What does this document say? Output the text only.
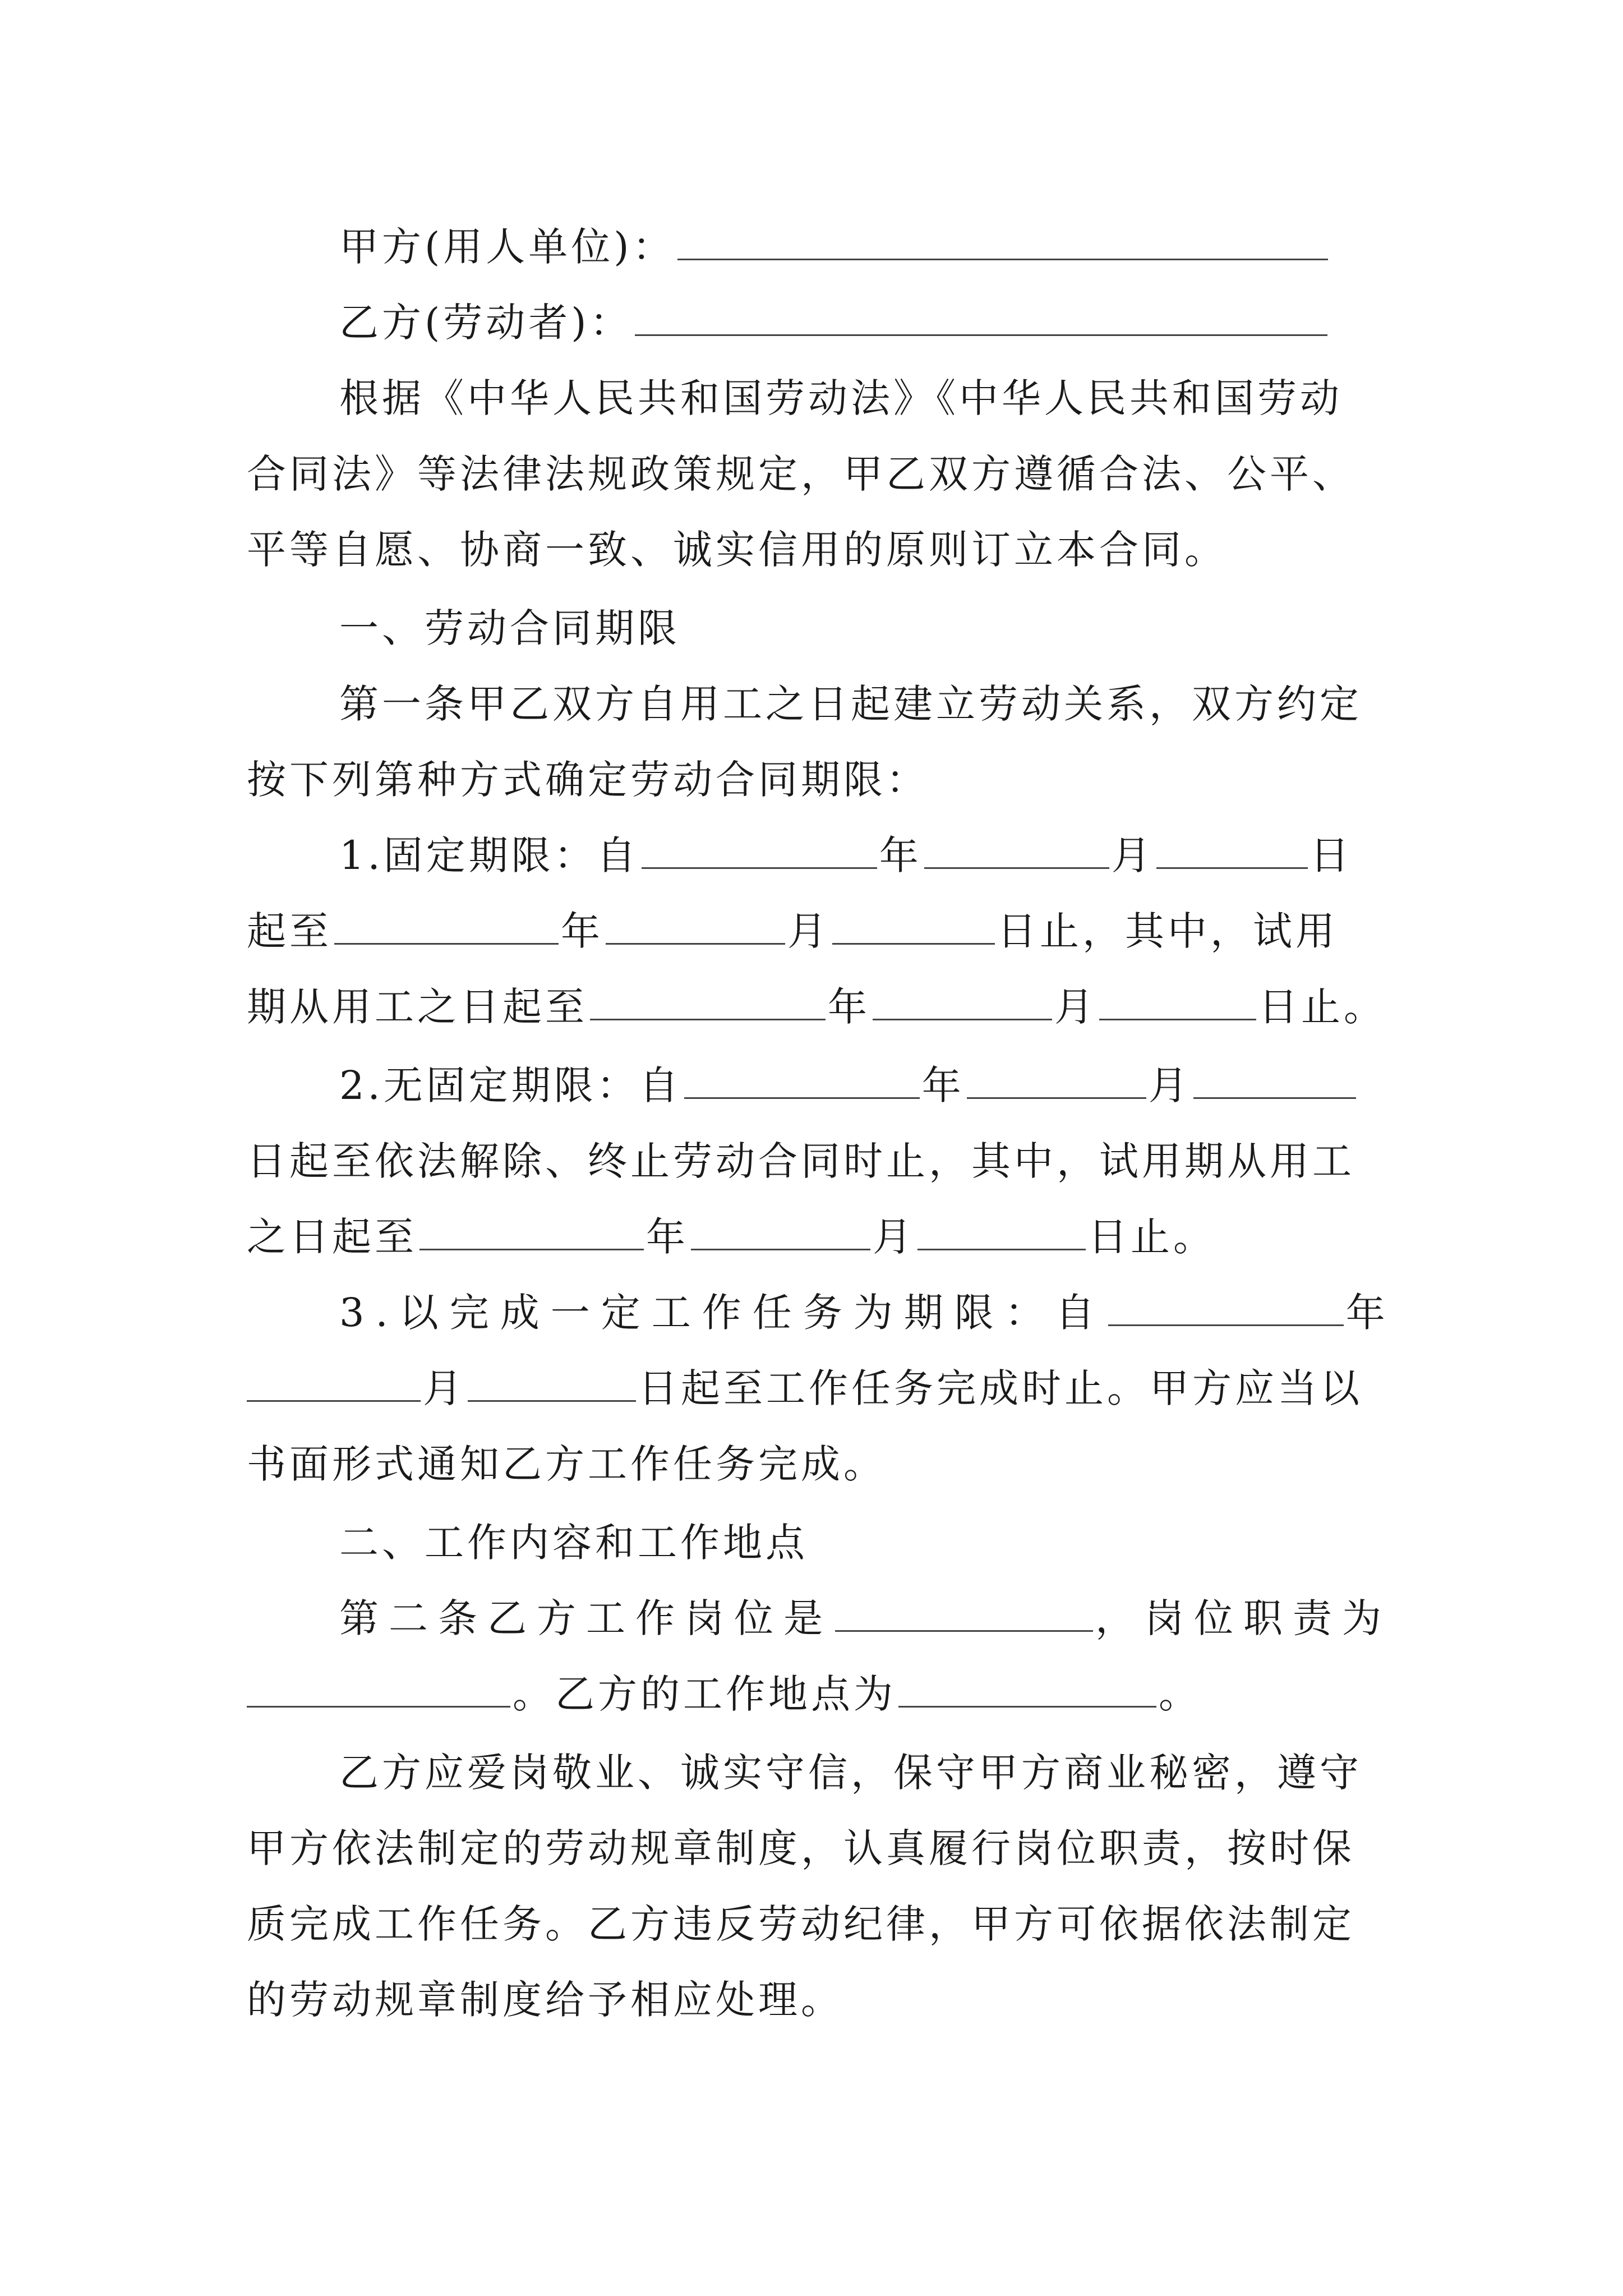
甲方(用人单位)：
乙方(劳动者)：
根据《中华人民共和国劳动法》《中华人民共和国劳动
合同法》等法律法规政策规定，甲乙双方遵循合法、公平、
平等自愿、协商一致、诚实信用的原则订立本合同。
一、劳动合同期限
第一条甲乙双方自用工之日起建立劳动关系，双方约定
按下列第种方式确定劳动合同期限：
1.固定期限：自	年	月	日
起至	年	月	日止，其中，试用
期从用工之日起至	年	月	日止。
2.无固定期限：自	年	月
日起至依法解除、终止劳动合同时止，其中，试用期从用工
之日起至	年	月	日止。
3.以完成一定工作任务为期限：自	年
月	日起至工作任务完成时止。甲方应当以
书面形式通知乙方工作任务完成。
二、工作内容和工作地点
第二条乙方工作岗位是	，岗位职责为
。乙方的工作地点为	。
乙方应爱岗敬业、诚实守信，保守甲方商业秘密，遵守
甲方依法制定的劳动规章制度，认真履行岗位职责，按时保
质完成工作任务。乙方违反劳动纪律，甲方可依据依法制定
的劳动规章制度给予相应处理。
